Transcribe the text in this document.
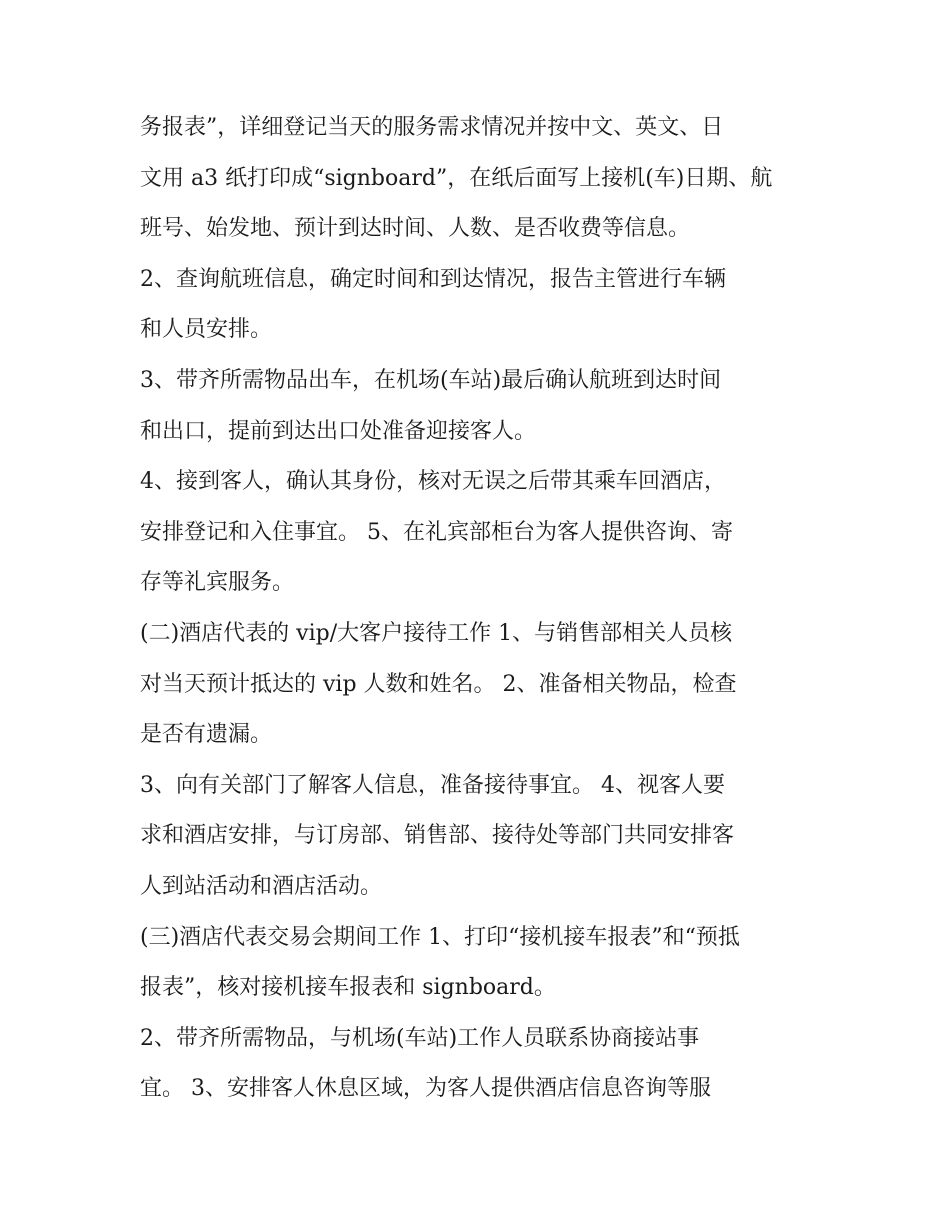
务报表”，详细登记当天的服务需求情况并按中文、英文、日

文用 a3 纸打印成“signboard”，在纸后面写上接机(车)日期、航

班号、始发地、预计到达时间、人数、是否收费等信息。

2、查询航班信息，确定时间和到达情况，报告主管进行车辆

和人员安排。

3、带齐所需物品出车，在机场(车站)最后确认航班到达时间

和出口，提前到达出口处准备迎接客人。

4、接到客人，确认其身份，核对无误之后带其乘车回酒店，

安排登记和入住事宜。 5、在礼宾部柜台为客人提供咨询、寄

存等礼宾服务。

(二)酒店代表的 vip/大客户接待工作 1、与销售部相关人员核

对当天预计抵达的 vip 人数和姓名。 2、准备相关物品，检查

是否有遗漏。

3、向有关部门了解客人信息，准备接待事宜。 4、视客人要

求和酒店安排，与订房部、销售部、接待处等部门共同安排客

人到站活动和酒店活动。

(三)酒店代表交易会期间工作 1、打印“接机接车报表”和“预抵

报表”，核对接机接车报表和 signboard。

2、带齐所需物品，与机场(车站)工作人员联系协商接站事

宜。 3、安排客人休息区域，为客人提供酒店信息咨询等服
